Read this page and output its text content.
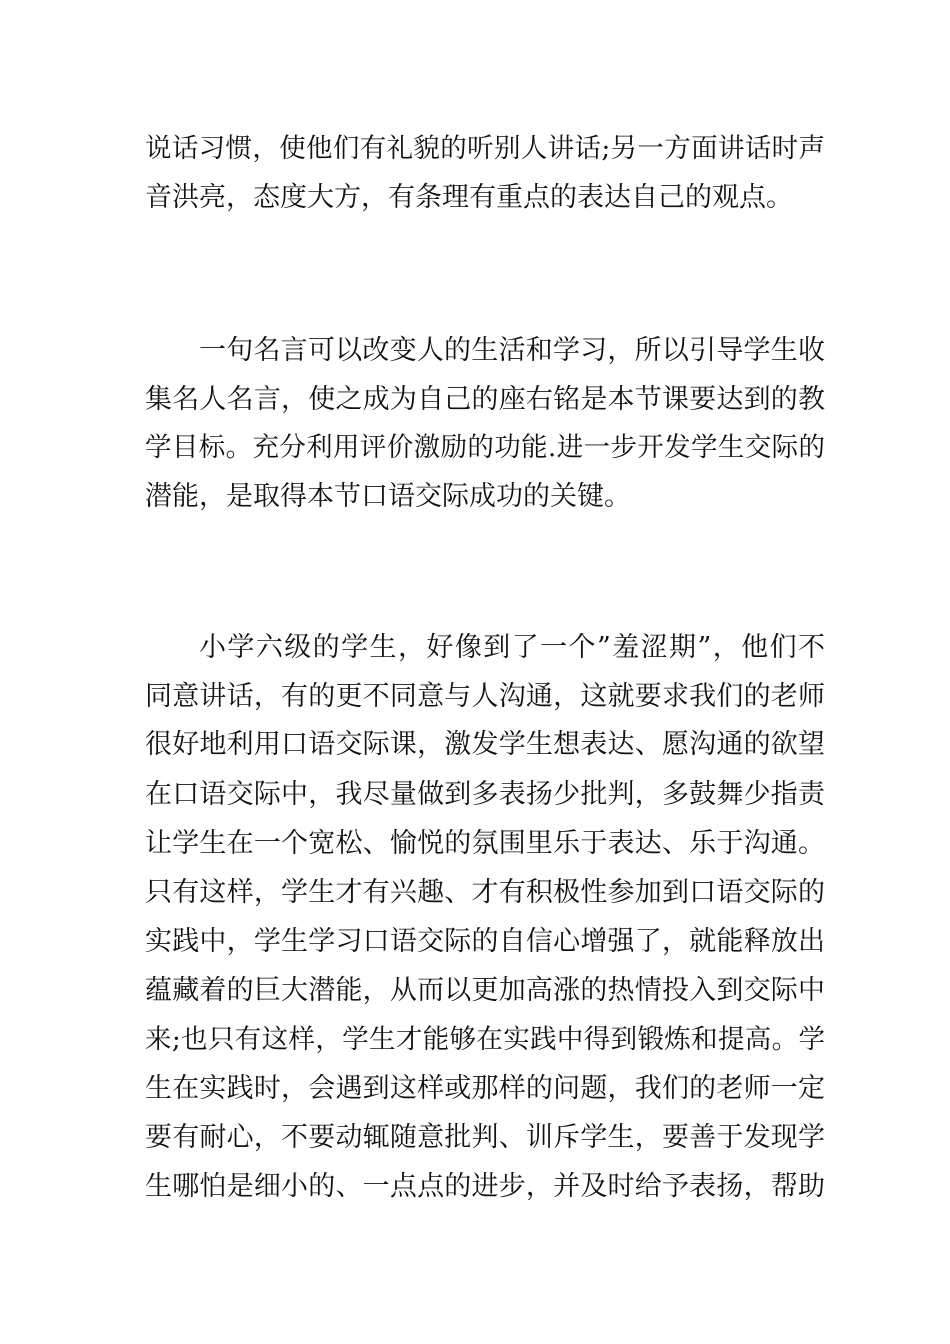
说话习惯，使他们有礼貌的听别人讲话;另一方面讲话时声
音洪亮，态度大方，有条理有重点的表达自己的观点。
一句名言可以改变人的生活和学习，所以引导学生收
集名人名言，使之成为自己的座右铭是本节课要达到的教
学目标。充分利用评价激励的功能.进一步开发学生交际的
潜能，是取得本节口语交际成功的关键。
小学六级的学生，好像到了一个”羞涩期”，他们不
同意讲话，有的更不同意与人沟通，这就要求我们的老师
很好地利用口语交际课，激发学生想表达、愿沟通的欲望
在口语交际中，我尽量做到多表扬少批判，多鼓舞少指责
让学生在一个宽松、愉悦的氛围里乐于表达、乐于沟通。
只有这样，学生才有兴趣、才有积极性参加到口语交际的
实践中，学生学习口语交际的自信心增强了，就能释放出
蕴藏着的巨大潜能，从而以更加高涨的热情投入到交际中
来;也只有这样，学生才能够在实践中得到锻炼和提高。学
生在实践时，会遇到这样或那样的问题，我们的老师一定
要有耐心，不要动辄随意批判、训斥学生，要善于发现学
生哪怕是细小的、一点点的进步，并及时给予表扬，帮助
